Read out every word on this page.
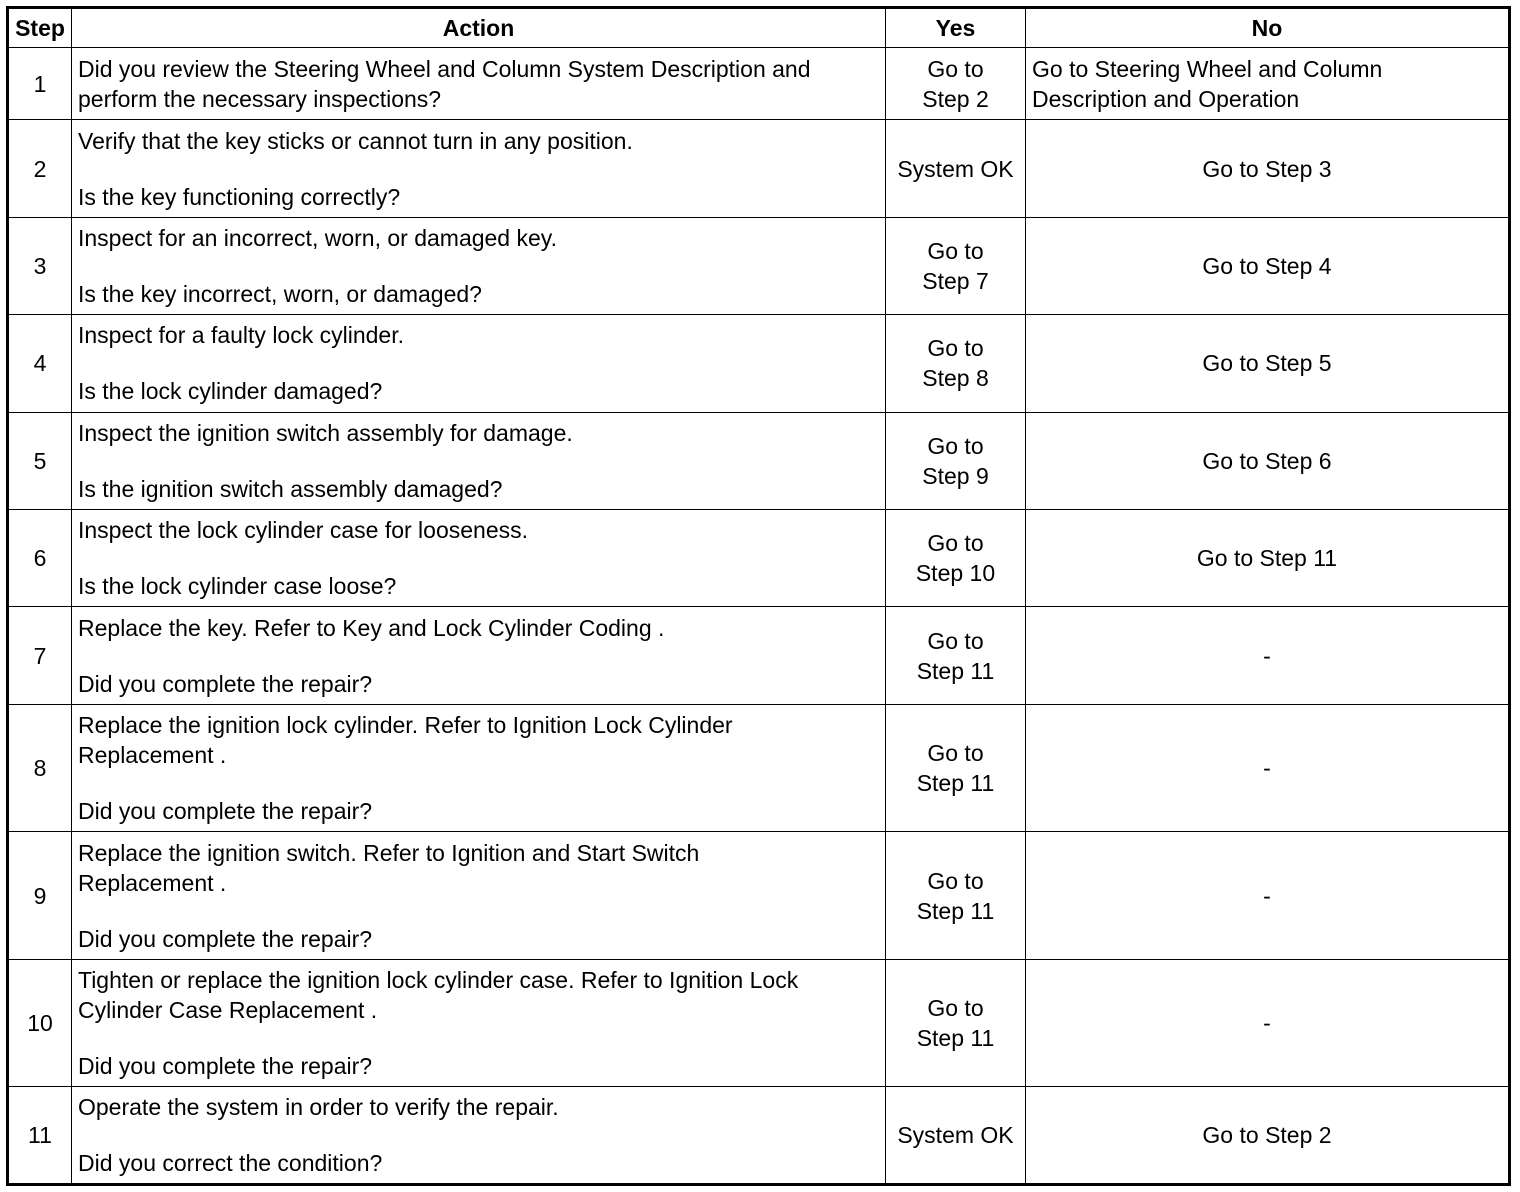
Step	Action	Yes	No
1	Did you review the Steering Wheel and Column System Description and
perform the necessary inspections?	Go to
Step 2	Go to Steering Wheel and Column
Description and Operation

2	Verify that the key sticks or cannot turn in any position.
Is the key functioning correctly?	System OK	Go to Step 3

3	Inspect for an incorrect, worn, or damaged key.
Is the key incorrect, worn, or damaged?	Go to
Step 7	Go to Step 4

4	Inspect for a faulty lock cylinder.
Is the lock cylinder damaged?	Go to
Step 8	Go to Step 5

5	Inspect the ignition switch assembly for damage.
Is the ignition switch assembly damaged?	Go to
Step 9	Go to Step 6

6	Inspect the lock cylinder case for looseness.
Is the lock cylinder case loose?	Go to
Step 10	Go to Step 11

7	Replace the key. Refer to Key and Lock Cylinder Coding .
Did you complete the repair?	Go to
Step 11	-

8	Replace the ignition lock cylinder. Refer to Ignition Lock Cylinder
Replacement .
Did you complete the repair?	Go to
Step 11	-

9	Replace the ignition switch. Refer to Ignition and Start Switch
Replacement .
Did you complete the repair?	Go to
Step 11	-

10	Tighten or replace the ignition lock cylinder case. Refer to Ignition Lock
Cylinder Case Replacement .
Did you complete the repair?	Go to
Step 11	-

11	Operate the system in order to verify the repair.
Did you correct the condition?	System OK	Go to Step 2
